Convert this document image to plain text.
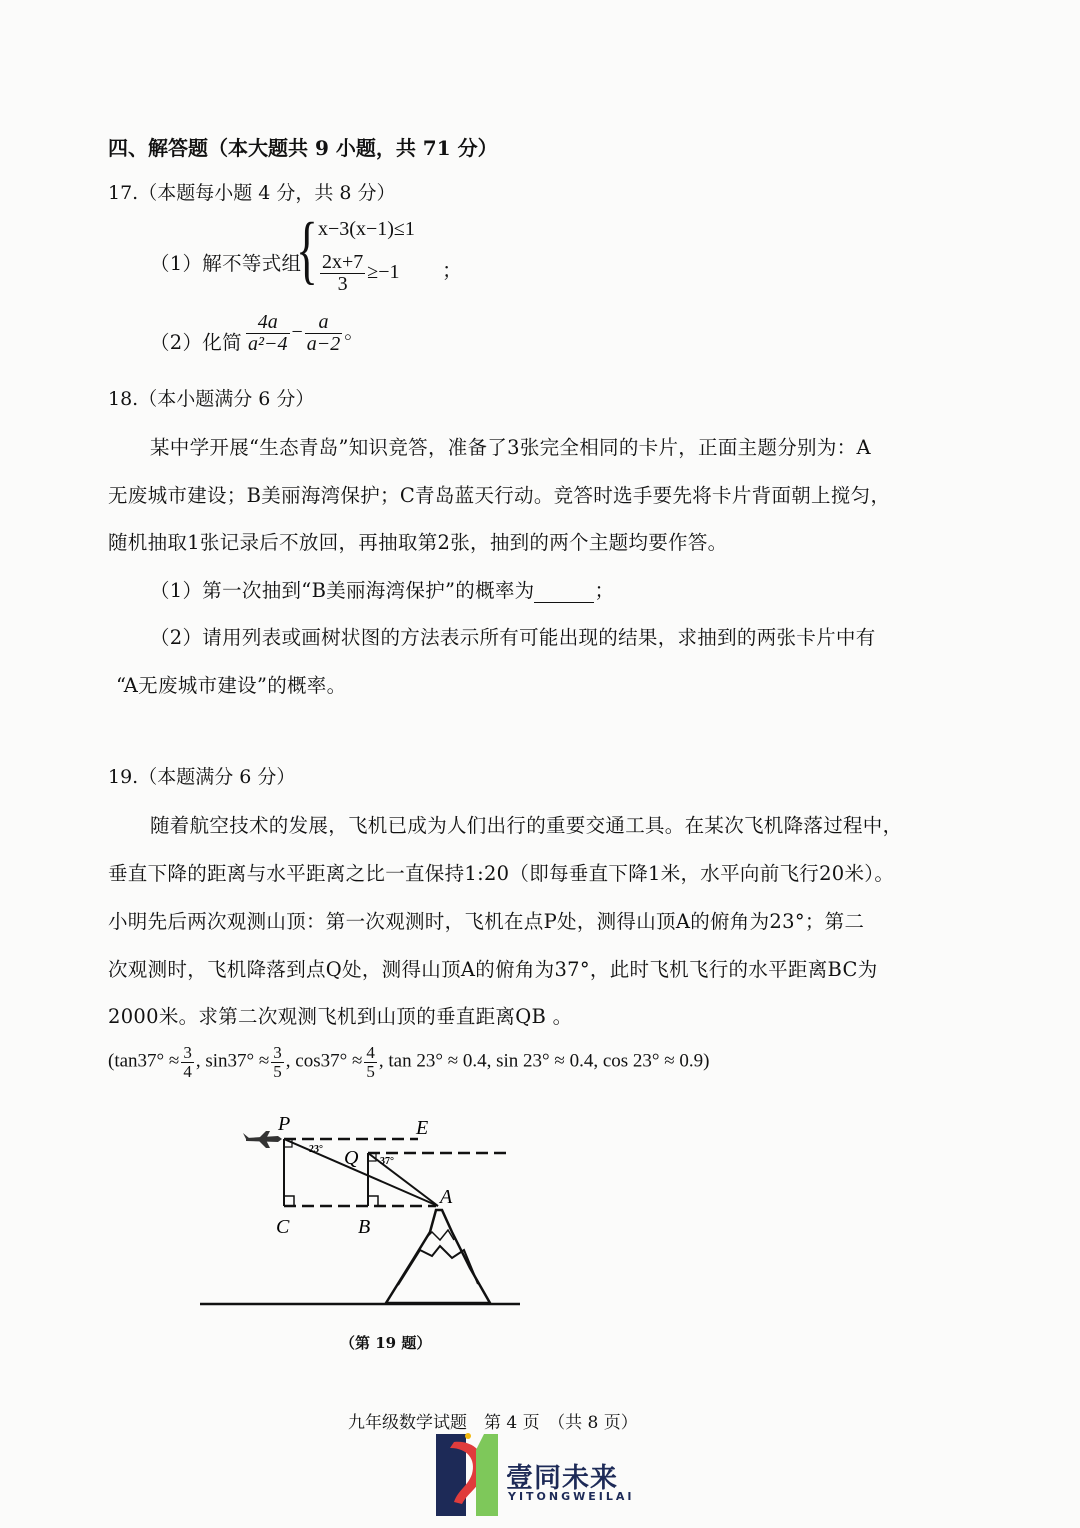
四、解答题（本大题共 9 小题，共 71 分）
17.（本题每小题 4 分，共 8 分）
（1）解不等式组
{ x−3(x−1)≤1
$\frac{2x+7}{3} \ge-1$ ；
（2）化简 $\frac{4a}{\text{a²−4}} - \frac{a}{a-2}$ 。
18.（本小题满分 6 分）
某中学开展“生态青岛”知识竞答，准备了3张完全相同的卡片，正面主题分别为：A
无废城市建设；B美丽海湾保护；C青岛蓝天行动。竞答时选手要先将卡片背面朝上搅匀，
随机抽取1张记录后不放回，再抽取第2张，抽到的两个主题均要作答。
（1）第一次抽到“B美丽海湾保护”的概率为	；
（2）请用列表或画树状图的方法表示所有可能出现的结果，求抽到的两张卡片中有
“A无废城市建设”的概率。
19.（本题满分 6 分）
随着航空技术的发展，飞机已成为人们出行的重要交通工具。在某次飞机降落过程中，
垂直下降的距离与水平距离之比一直保持1:20（即每垂直下降1米，水平向前飞行20米）。
小明先后两次观测山顶：第一次观测时，飞机在点P处，测得山顶A的俯角为23°；第二
次观测时，飞机降落到点Q处，测得山顶A的俯角为37°，此时飞机飞行的水平距离BC为
2000米。求第二次观测飞机到山顶的垂直距离QB 。
($\tan 37^\circ \approx \frac{3}{4}$ , $\sin 37^\circ \approx \frac{3}{5}$ , $\cos 37^\circ \approx \frac{4}{5}$ , tan 23° ≈ 0.4, sin 23° ≈ 0.4, cos 23° ≈ 0.9)
P	E
Q
A
C	B
23°
37°
（第 19 题）
九年级数学试题　第 4 页　（共 8 页）
壹同未来
YITONGWEILAI
